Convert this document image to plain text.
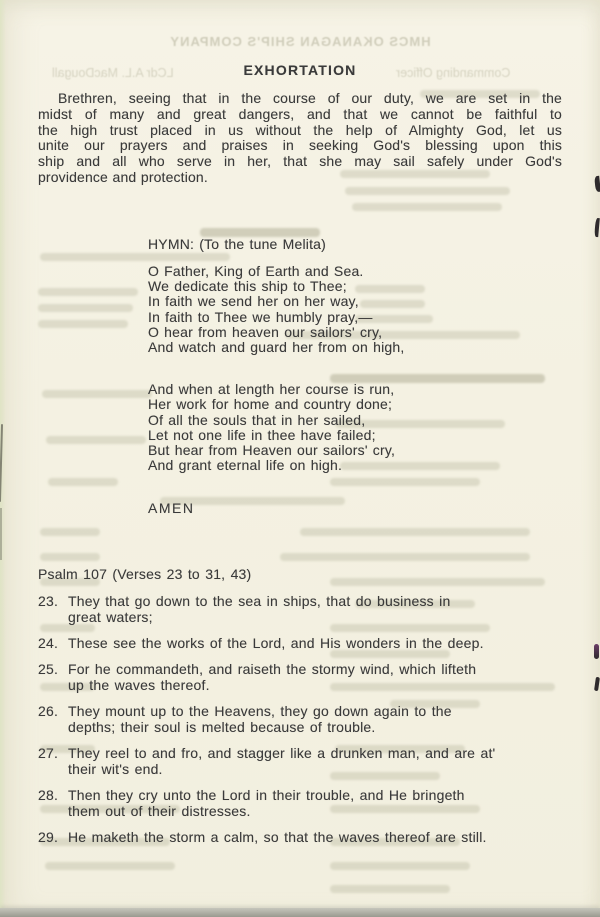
HMCS OKANAGAN SHIP'S COMPANY
LCdr A.L. MacDougall	Commanding Officer
EXHORTATION
Brethren, seeing that in the course of our duty, we are set in the
midst of many and great dangers, and that we cannot be faithful to
the high trust placed in us without the help of Almighty God, let us
unite our prayers and praises in seeking God's blessing upon this
ship and all who serve in her, that she may sail safely under God's
providence and protection.
HYMN: (To the tune Melita)
O Father, King of Earth and Sea.
We dedicate this ship to Thee;
In faith we send her on her way,
In faith to Thee we humbly pray,—
O hear from heaven our sailors' cry,
And watch and guard her from on high,
And when at length her course is run,
Her work for home and country done;
Of all the souls that in her sailed,
Let not one life in thee have failed;
But hear from Heaven our sailors' cry,
And grant eternal life on high.
AMEN
Psalm 107 (Verses 23 to 31, 43)
23. They that go down to the sea in ships, that do business in
great waters;
24. These see the works of the Lord, and His wonders in the deep.
25. For he commandeth, and raiseth the stormy wind, which lifteth
up the waves thereof.
26. They mount up to the Heavens, they go down again to the
depths; their soul is melted because of trouble.
27. They reel to and fro, and stagger like a drunken man, and are at'
their wit's end.
28. Then they cry unto the Lord in their trouble, and He bringeth
them out of their distresses.
29. He maketh the storm a calm, so that the waves thereof are still.
